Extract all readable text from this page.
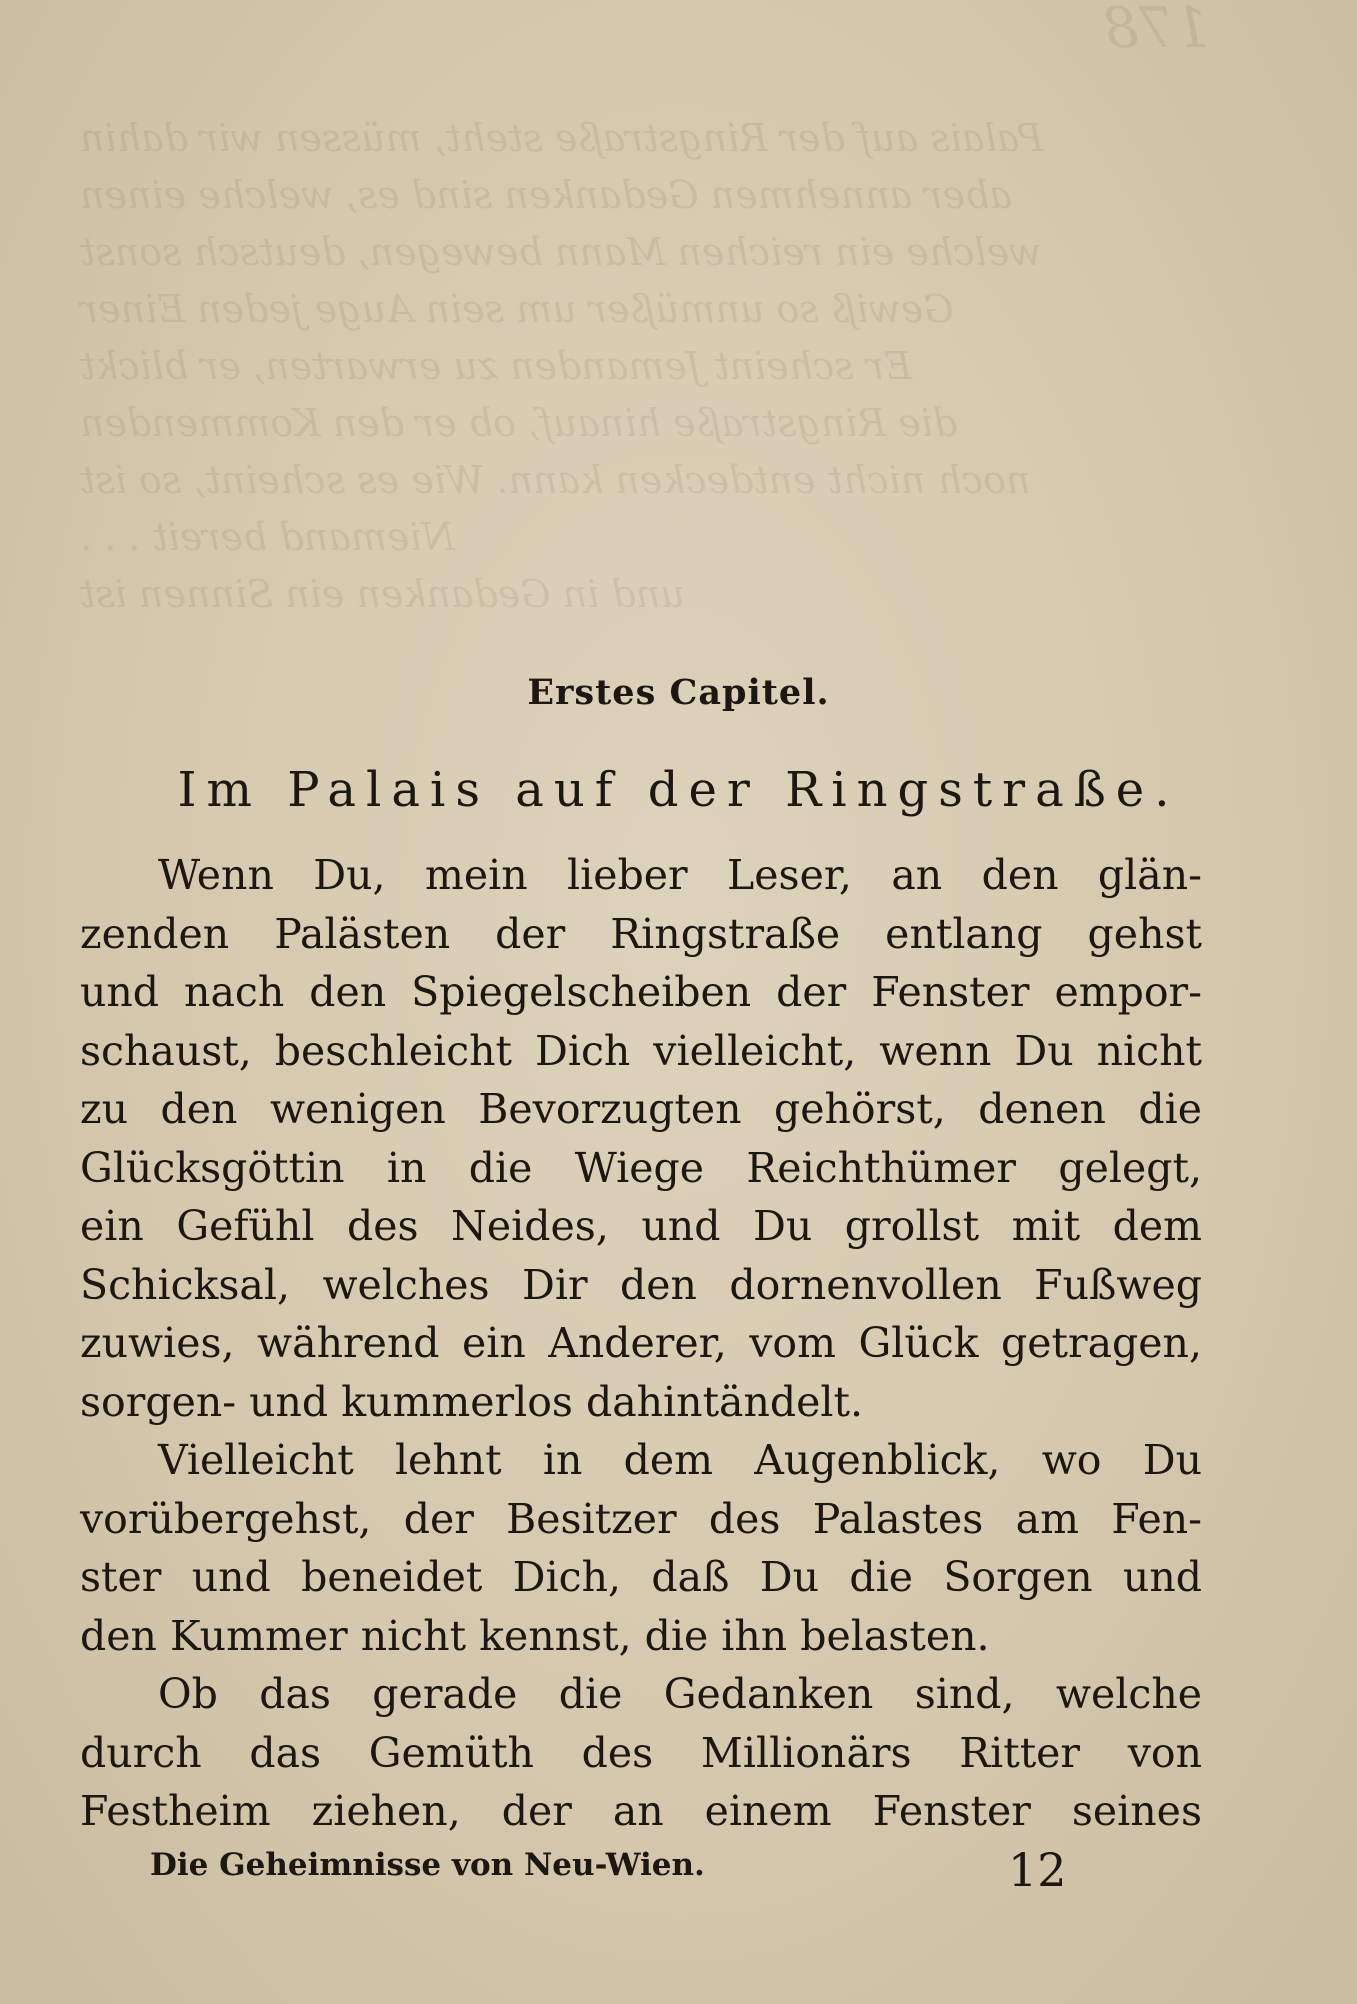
178
Palais auf der Ringstraße steht, müssen wir dahin
aber annehmen Gedanken sind es, welche einen
welche ein reichen Mann bewegen, deutsch sonst
Gewiß so unmüßer um sein Auge jeden Einer
Er scheint Jemanden zu erwarten, er blickt
die Ringstraße hinauf, ob er den Kommenden
noch nicht entdecken kann. Wie es scheint, so ist
Niemand bereit . . .
und in Gedanken ein Sinnen ist
Erstes Capitel.
Im Palais auf der Ringstraße.
Wenn Du, mein lieber Leser, an den glän-
zenden Palästen der Ringstraße entlang gehst
und nach den Spiegelscheiben der Fenster empor-
schaust, beschleicht Dich vielleicht, wenn Du nicht
zu den wenigen Bevorzugten gehörst, denen die
Glücksgöttin in die Wiege Reichthümer gelegt,
ein Gefühl des Neides, und Du grollst mit dem
Schicksal, welches Dir den dornenvollen Fußweg
zuwies, während ein Anderer, vom Glück getragen,
sorgen- und kummerlos dahintändelt.
Vielleicht lehnt in dem Augenblick, wo Du
vorübergehst, der Besitzer des Palastes am Fen-
ster und beneidet Dich, daß Du die Sorgen und
den Kummer nicht kennst, die ihn belasten.
Ob das gerade die Gedanken sind, welche
durch das Gemüth des Millionärs Ritter von
Festheim ziehen, der an einem Fenster seines
Die Geheimnisse von Neu-Wien.	12
